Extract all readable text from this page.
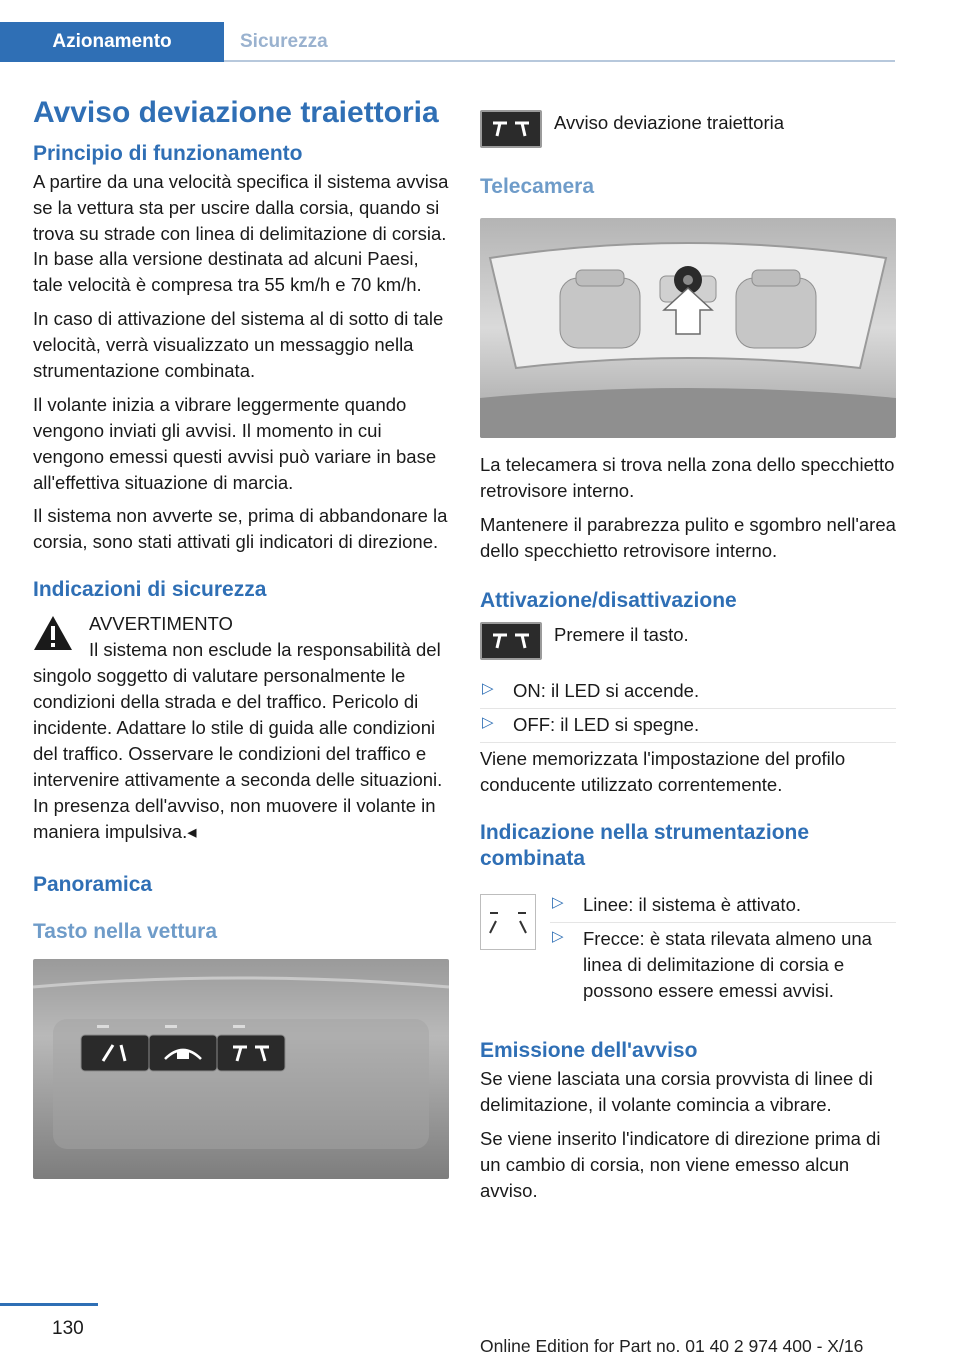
Azionamento	Sicurezza
Avviso deviazione traiettoria
Principio di funzionamento

A partire da una velocità specifica il sistema avvisa se la vettura sta per uscire dalla corsia, quando si trova su strade con linea di delimitazione di corsia. In base alla versione destinata ad alcuni Paesi, tale velocità è compresa tra 55 km/h e 70 km/h.

In caso di attivazione del sistema al di sotto di tale velocità, verrà visualizzato un messaggio nella strumentazione combinata.

Il volante inizia a vibrare leggermente quando vengono inviati gli avvisi. Il momento in cui vengono emessi questi avvisi può variare in base all'effettiva situazione di marcia.

Il sistema non avverte se, prima di abbandonare la corsia, sono stati attivati gli indicatori di direzione.

Indicazioni di sicurezza
AVVERTIMENTO
Il sistema non esclude la responsabilità del singolo soggetto di valutare personalmente le condizioni della strada e del traffico. Pericolo di incidente. Adattare lo stile di guida alle condizioni del traffico. Osservare le condizioni del traffico e intervenire attivamente a seconda delle situazioni. In presenza dell'avviso, non muovere il volante in maniera impulsiva.◂
Panoramica
Tasto nella vettura
Avviso deviazione traiettoria
Telecamera

La telecamera si trova nella zona dello specchietto retrovisore interno.

Mantenere il parabrezza pulito e sgombro nell'area dello specchietto retrovisore interno.

Attivazione/disattivazione
Premere il tasto.
▷ ON: il LED si accende.
▷ OFF: il LED si spegne.

Viene memorizzata l'impostazione del profilo conducente utilizzato correntemente.

Indicazione nella strumentazione combinata
▷ Linee: il sistema è attivato.
▷ Frecce: è stata rilevata almeno una linea di delimitazione di corsia e possono essere emessi avvisi.
Emissione dell'avviso

Se viene lasciata una corsia provvista di linee di delimitazione, il volante comincia a vibrare.

Se viene inserito l'indicatore di direzione prima di un cambio di corsia, non viene emesso alcun avviso.

130
Online Edition for Part no. 01 40 2 974 400 - X/16
